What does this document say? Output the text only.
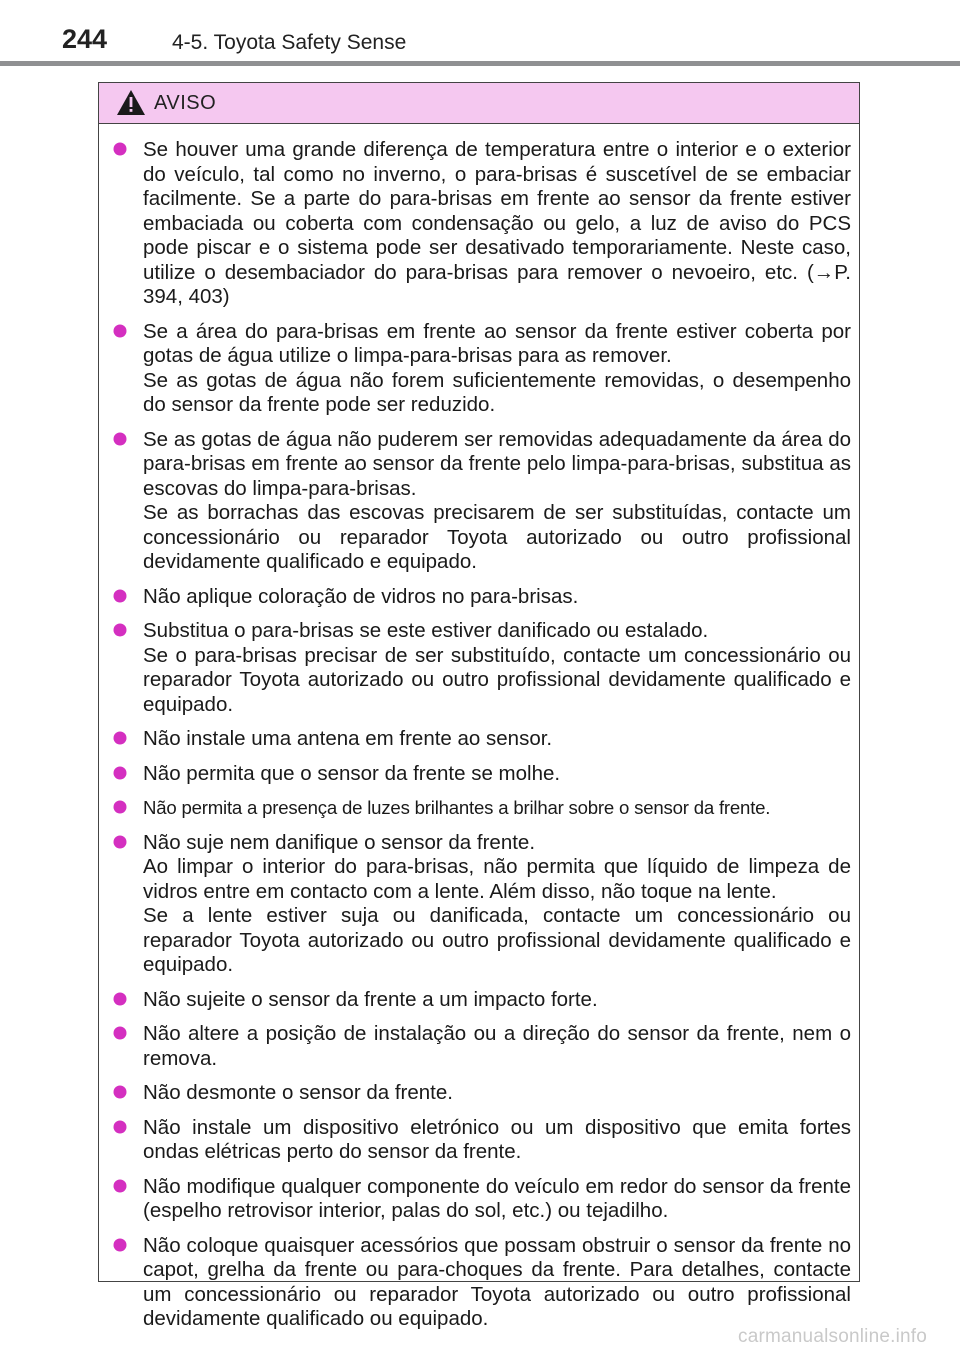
244	4-5. Toyota Safety Sense
AVISO

Se houver uma grande diferença de temperatura entre o interior e o exterior do veículo, tal como no inverno, o para-brisas é suscetível de se embaciar facilmente. Se a parte do para-brisas em frente ao sensor da frente estiver embaciada ou coberta com condensação ou gelo, a luz de aviso do PCS pode piscar e o sistema pode ser desativado temporariamente. Neste caso, utilize o desembaciador do para-brisas para remover o nevoeiro, etc. (→P. 394, 403)

Se a área do para-brisas em frente ao sensor da frente estiver coberta por gotas de água utilize o limpa-para-brisas para as remover.

Se as gotas de água não forem suficientemente removidas, o desempenho do sensor da frente pode ser reduzido.

Se as gotas de água não puderem ser removidas adequadamente da área do para-brisas em frente ao sensor da frente pelo limpa-para-brisas, substitua as escovas do limpa-para-brisas.

Se as borrachas das escovas precisarem de ser substituídas, contacte um concessionário ou reparador Toyota autorizado ou outro profissional devidamente qualificado e equipado.

Não aplique coloração de vidros no para-brisas.

Substitua o para-brisas se este estiver danificado ou estalado.

Se o para-brisas precisar de ser substituído, contacte um concessionário ou reparador Toyota autorizado ou outro profissional devidamente qualificado e equipado.

Não instale uma antena em frente ao sensor.

Não permita que o sensor da frente se molhe.

Não permita a presença de luzes brilhantes a brilhar sobre o sensor da frente.

Não suje nem danifique o sensor da frente.

Ao limpar o interior do para-brisas, não permita que líquido de limpeza de vidros entre em contacto com a lente. Além disso, não toque na lente.

Se a lente estiver suja ou danificada, contacte um concessionário ou reparador Toyota autorizado ou outro profissional devidamente qualificado e equipado.

Não sujeite o sensor da frente a um impacto forte.

Não altere a posição de instalação ou a direção do sensor da frente, nem o remova.

Não desmonte o sensor da frente.

Não instale um dispositivo eletrónico ou um dispositivo que emita fortes ondas elétricas perto do sensor da frente.

Não modifique qualquer componente do veículo em redor do sensor da frente (espelho retrovisor interior, palas do sol, etc.) ou tejadilho.

Não coloque quaisquer acessórios que possam obstruir o sensor da frente no capot, grelha da frente ou para-choques da frente. Para detalhes, contacte um concessionário ou reparador Toyota autorizado ou outro profissional devidamente qualificado ou equipado.

carmanualsonline.info
